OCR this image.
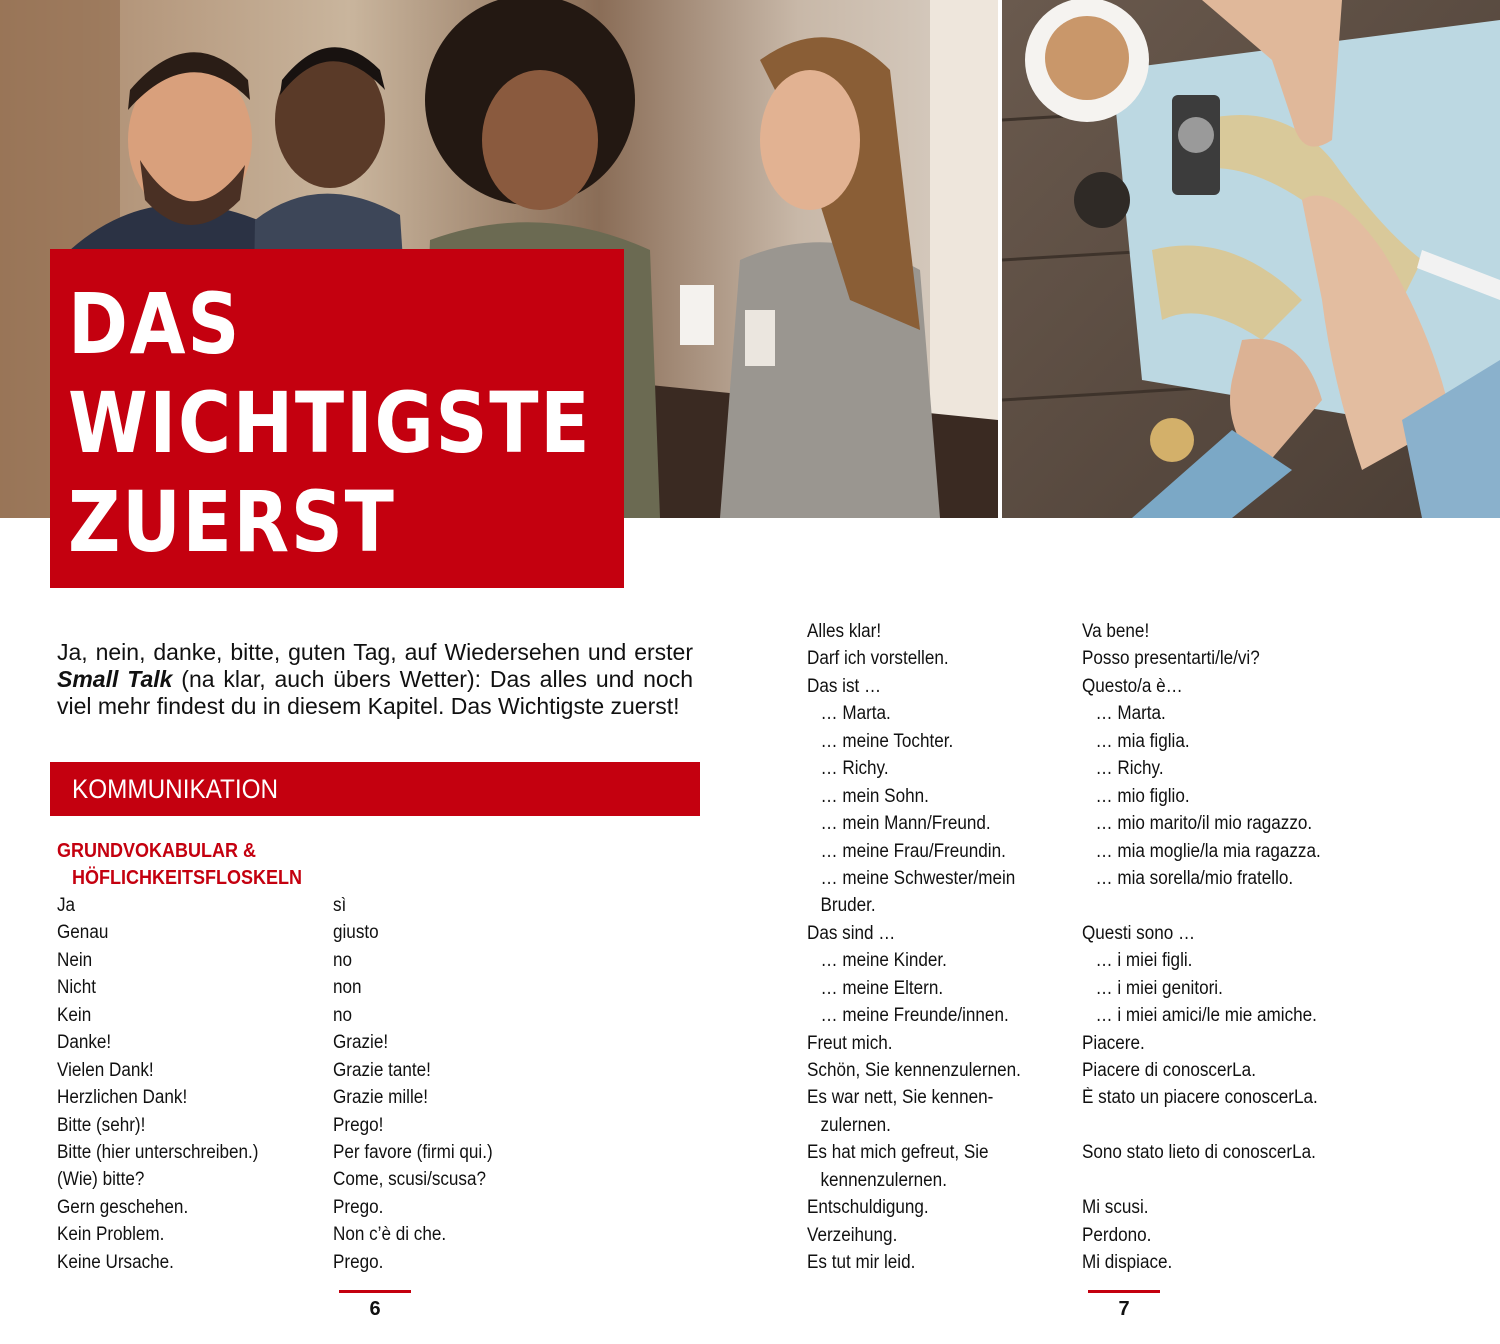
DAS
WICHTIGSTE
ZUERST

Ja, nein, danke, bitte, guten Tag, auf Wiedersehen und erster Small Talk (na klar, auch übers Wetter): Das alles und noch viel mehr findest du in diesem Kapitel. Das Wichtigste zuerst!

KOMMUNIKATION
GRUNDVOKABULAR &
HÖFLICHKEITSFLOSKELN
Ja
Genau
Nein
Nicht
Kein
Danke!
Vielen Dank!
Herzlichen Dank!
Bitte (sehr)!
Bitte (hier unterschreiben.)
(Wie) bitte?
Gern geschehen.
Kein Problem.
Keine Ursache.
sì
giusto
no
non
no
Grazie!
Grazie tante!
Grazie mille!
Prego!
Per favore (firmi qui.)
Come, scusi/scusa?
Prego.
Non c’è di che.
Prego.
Alles klar!
Darf ich vorstellen.
Das ist …
… Marta.
… meine Tochter.
… Richy.
… mein Sohn.
… mein Mann/Freund.
… meine Frau/Freundin.
… meine Schwester/mein
Bruder.
Das sind …
… meine Kinder.
… meine Eltern.
… meine Freunde/innen.
Freut mich.
Schön, Sie kennenzulernen.
Es war nett, Sie kennen-
zulernen.
Es hat mich gefreut, Sie
kennenzulernen.
Entschuldigung.
Verzeihung.
Es tut mir leid.
Va bene!
Posso presentarti/le/vi?
Questo/a è…
… Marta.
… mia figlia.
… Richy.
… mio figlio.
… mio marito/il mio ragazzo.
… mia moglie/la mia ragazza.
… mia sorella/mio fratello.
Questi sono …
… i miei figli.
… i miei genitori.
… i miei amici/le mie amiche.
Piacere.
Piacere di conoscerLa.
È stato un piacere conoscerLa.
Sono stato lieto di conoscerLa.
Mi scusi.
Perdono.
Mi dispiace.
6	7
